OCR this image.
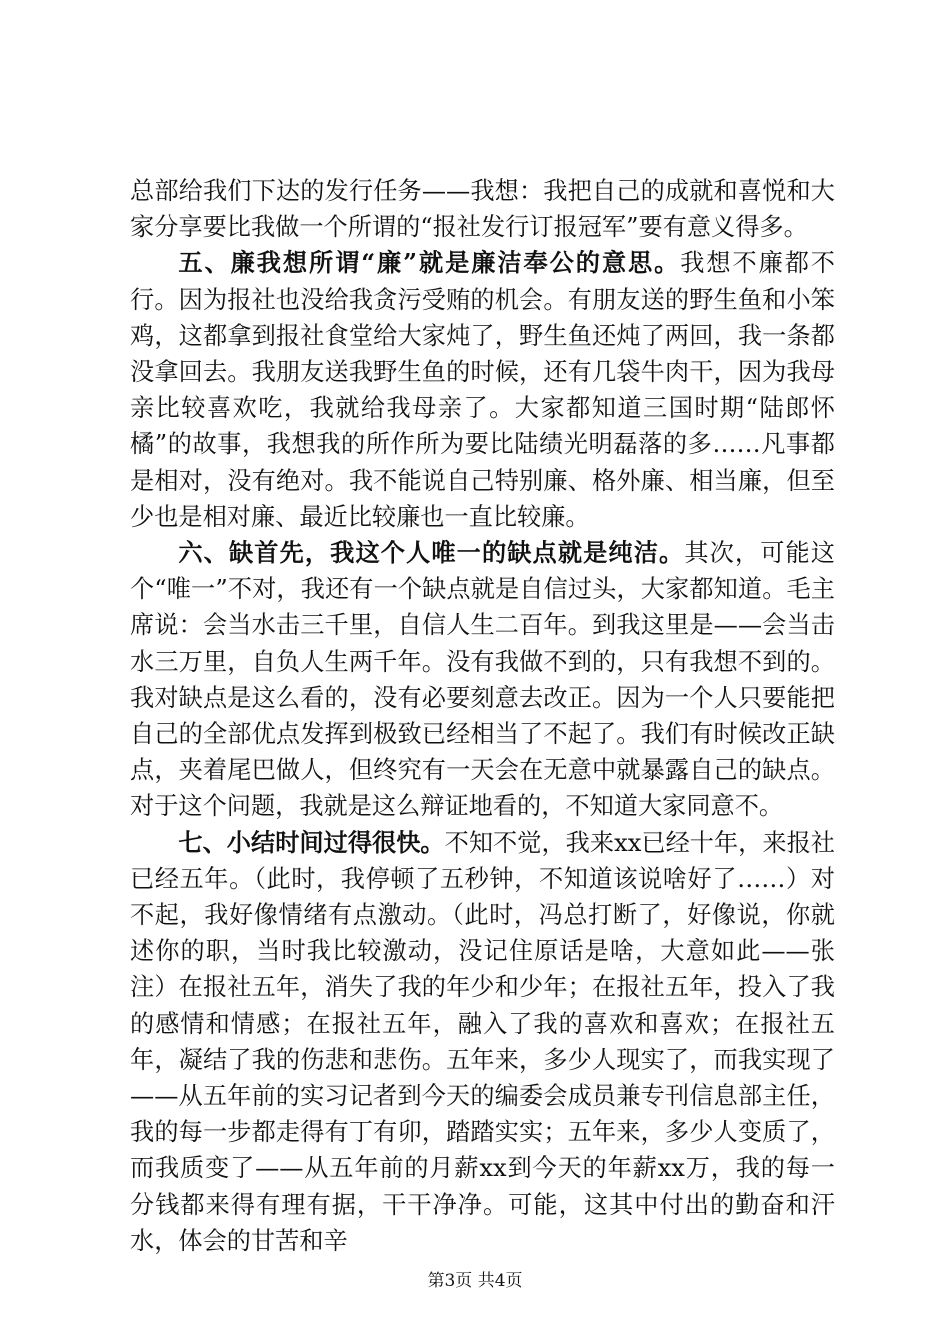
总部给我们下达的发行任务——我想：我把自己的成就和喜悦和大家分享要比我做一个所谓的“报社发行订报冠军”要有意义得多。

五、廉我想所谓“廉”就是廉洁奉公的意思。我想不廉都不行。因为报社也没给我贪污受贿的机会。有朋友送的野生鱼和小笨鸡，这都拿到报社食堂给大家炖了，野生鱼还炖了两回，我一条都没拿回去。我朋友送我野生鱼的时候，还有几袋牛肉干，因为我母亲比较喜欢吃，我就给我母亲了。大家都知道三国时期“陆郎怀橘”的故事，我想我的所作所为要比陆绩光明磊落的多……凡事都是相对，没有绝对。我不能说自己特别廉、格外廉、相当廉，但至少也是相对廉、最近比较廉也一直比较廉。

六、缺首先，我这个人唯一的缺点就是纯洁。其次，可能这个“唯一”不对，我还有一个缺点就是自信过头，大家都知道。毛主席说：会当水击三千里，自信人生二百年。到我这里是——会当击水三万里，自负人生两千年。没有我做不到的，只有我想不到的。我对缺点是这么看的，没有必要刻意去改正。因为一个人只要能把自己的全部优点发挥到极致已经相当了不起了。我们有时候改正缺点，夹着尾巴做人，但终究有一天会在无意中就暴露自己的缺点。对于这个问题，我就是这么辩证地看的，不知道大家同意不。

七、小结时间过得很快。不知不觉，我来xx已经十年，来报社已经五年。（此时，我停顿了五秒钟，不知道该说啥好了……）对不起，我好像情绪有点激动。（此时，冯总打断了，好像说，你就述你的职，当时我比较激动，没记住原话是啥，大意如此——张注）在报社五年，消失了我的年少和少年；在报社五年，投入了我的感情和情感；在报社五年，融入了我的喜欢和喜欢；在报社五年，凝结了我的伤悲和悲伤。五年来，多少人现实了，而我实现了——从五年前的实习记者到今天的编委会成员兼专刊信息部主任，我的每一步都走得有丁有卯，踏踏实实；五年来，多少人变质了，而我质变了——从五年前的月薪xx到今天的年薪xx万，我的每一分钱都来得有理有据，干干净净。可能，这其中付出的勤奋和汗水，体会的甘苦和辛

第3页 共4页
